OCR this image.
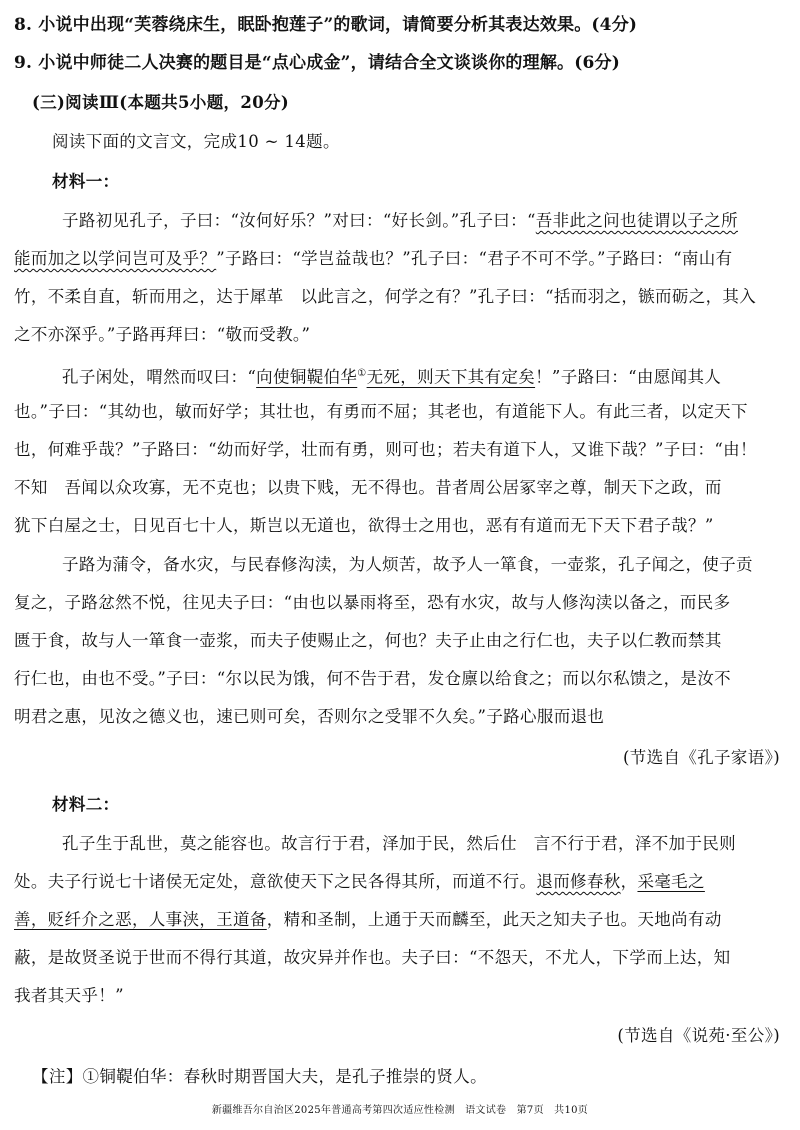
8. 小说中出现“芙蓉绕床生，眠卧抱莲子”的歌词，请简要分析其表达效果。(4分)

9. 小说中师徒二人决赛的题目是“点心成金”，请结合全文谈谈你的理解。(6分)

(三)阅读Ⅲ(本题共5小题，20分)

阅读下面的文言文，完成10 ~ 14题。

材料一：

子路初见孔子，子曰：“汝何好乐？”对曰：“好长剑。”孔子曰：“吾非此之问也徒谓以子之所

能而加之以学问岂可及乎？”子路曰：“学岂益哉也？”孔子曰：“君子不可不学。”子路曰：“南山有

竹，不柔自直，斩而用之，达于犀革　以此言之，何学之有？”孔子曰：“括而羽之，镞而砺之，其入

之不亦深乎。”子路再拜曰：“敬而受教。”

孔子闲处，喟然而叹曰：“向使铜鞮伯华①无死，则天下其有定矣！”子路曰：“由愿闻其人

也。”子曰：“其幼也，敏而好学；其壮也，有勇而不屈；其老也，有道能下人。有此三者，以定天下

也，何难乎哉？”子路曰：“幼而好学，壮而有勇，则可也；若夫有道下人，又谁下哉？”子曰：“由！

不知　吾闻以众攻寡，无不克也；以贵下贱，无不得也。昔者周公居冢宰之尊，制天下之政，而

犹下白屋之士，日见百七十人，斯岂以无道也，欲得士之用也，恶有有道而无下天下君子哉？”

子路为蒲令，备水灾，与民春修沟渎，为人烦苦，故予人一箪食，一壶浆，孔子闻之，使子贡

复之，子路忿然不悦，往见夫子曰：“由也以暴雨将至，恐有水灾，故与人修沟渎以备之，而民多

匮于食，故与人一箪食一壶浆，而夫子使赐止之，何也？夫子止由之行仁也，夫子以仁教而禁其

行仁也，由也不受。”子曰：“尔以民为饿，何不告于君，发仓廪以给食之；而以尔私馈之，是汝不

明君之惠，见汝之德义也，速已则可矣，否则尔之受罪不久矣。”子路心服而退也

(节选自《孔子家语》)

材料二：

孔子生于乱世，莫之能容也。故言行于君，泽加于民，然后仕　言不行于君，泽不加于民则

处。夫子行说七十诸侯无定处，意欲使天下之民各得其所，而道不行。退而修春秋，采毫毛之

善，贬纤介之恶，人事浃，王道备，精和圣制，上通于天而麟至，此天之知夫子也。天地尚有动

蔽，是故贤圣说于世而不得行其道，故灾异并作也。夫子曰：“不怨天，不尤人，下学而上达，知

我者其天乎！”

(节选自《说苑·至公》)

【注】①铜鞮伯华：春秋时期晋国大夫，是孔子推崇的贤人。

新疆维吾尔自治区2025年普通高考第四次适应性检测　语文试卷　第7页　共10页
